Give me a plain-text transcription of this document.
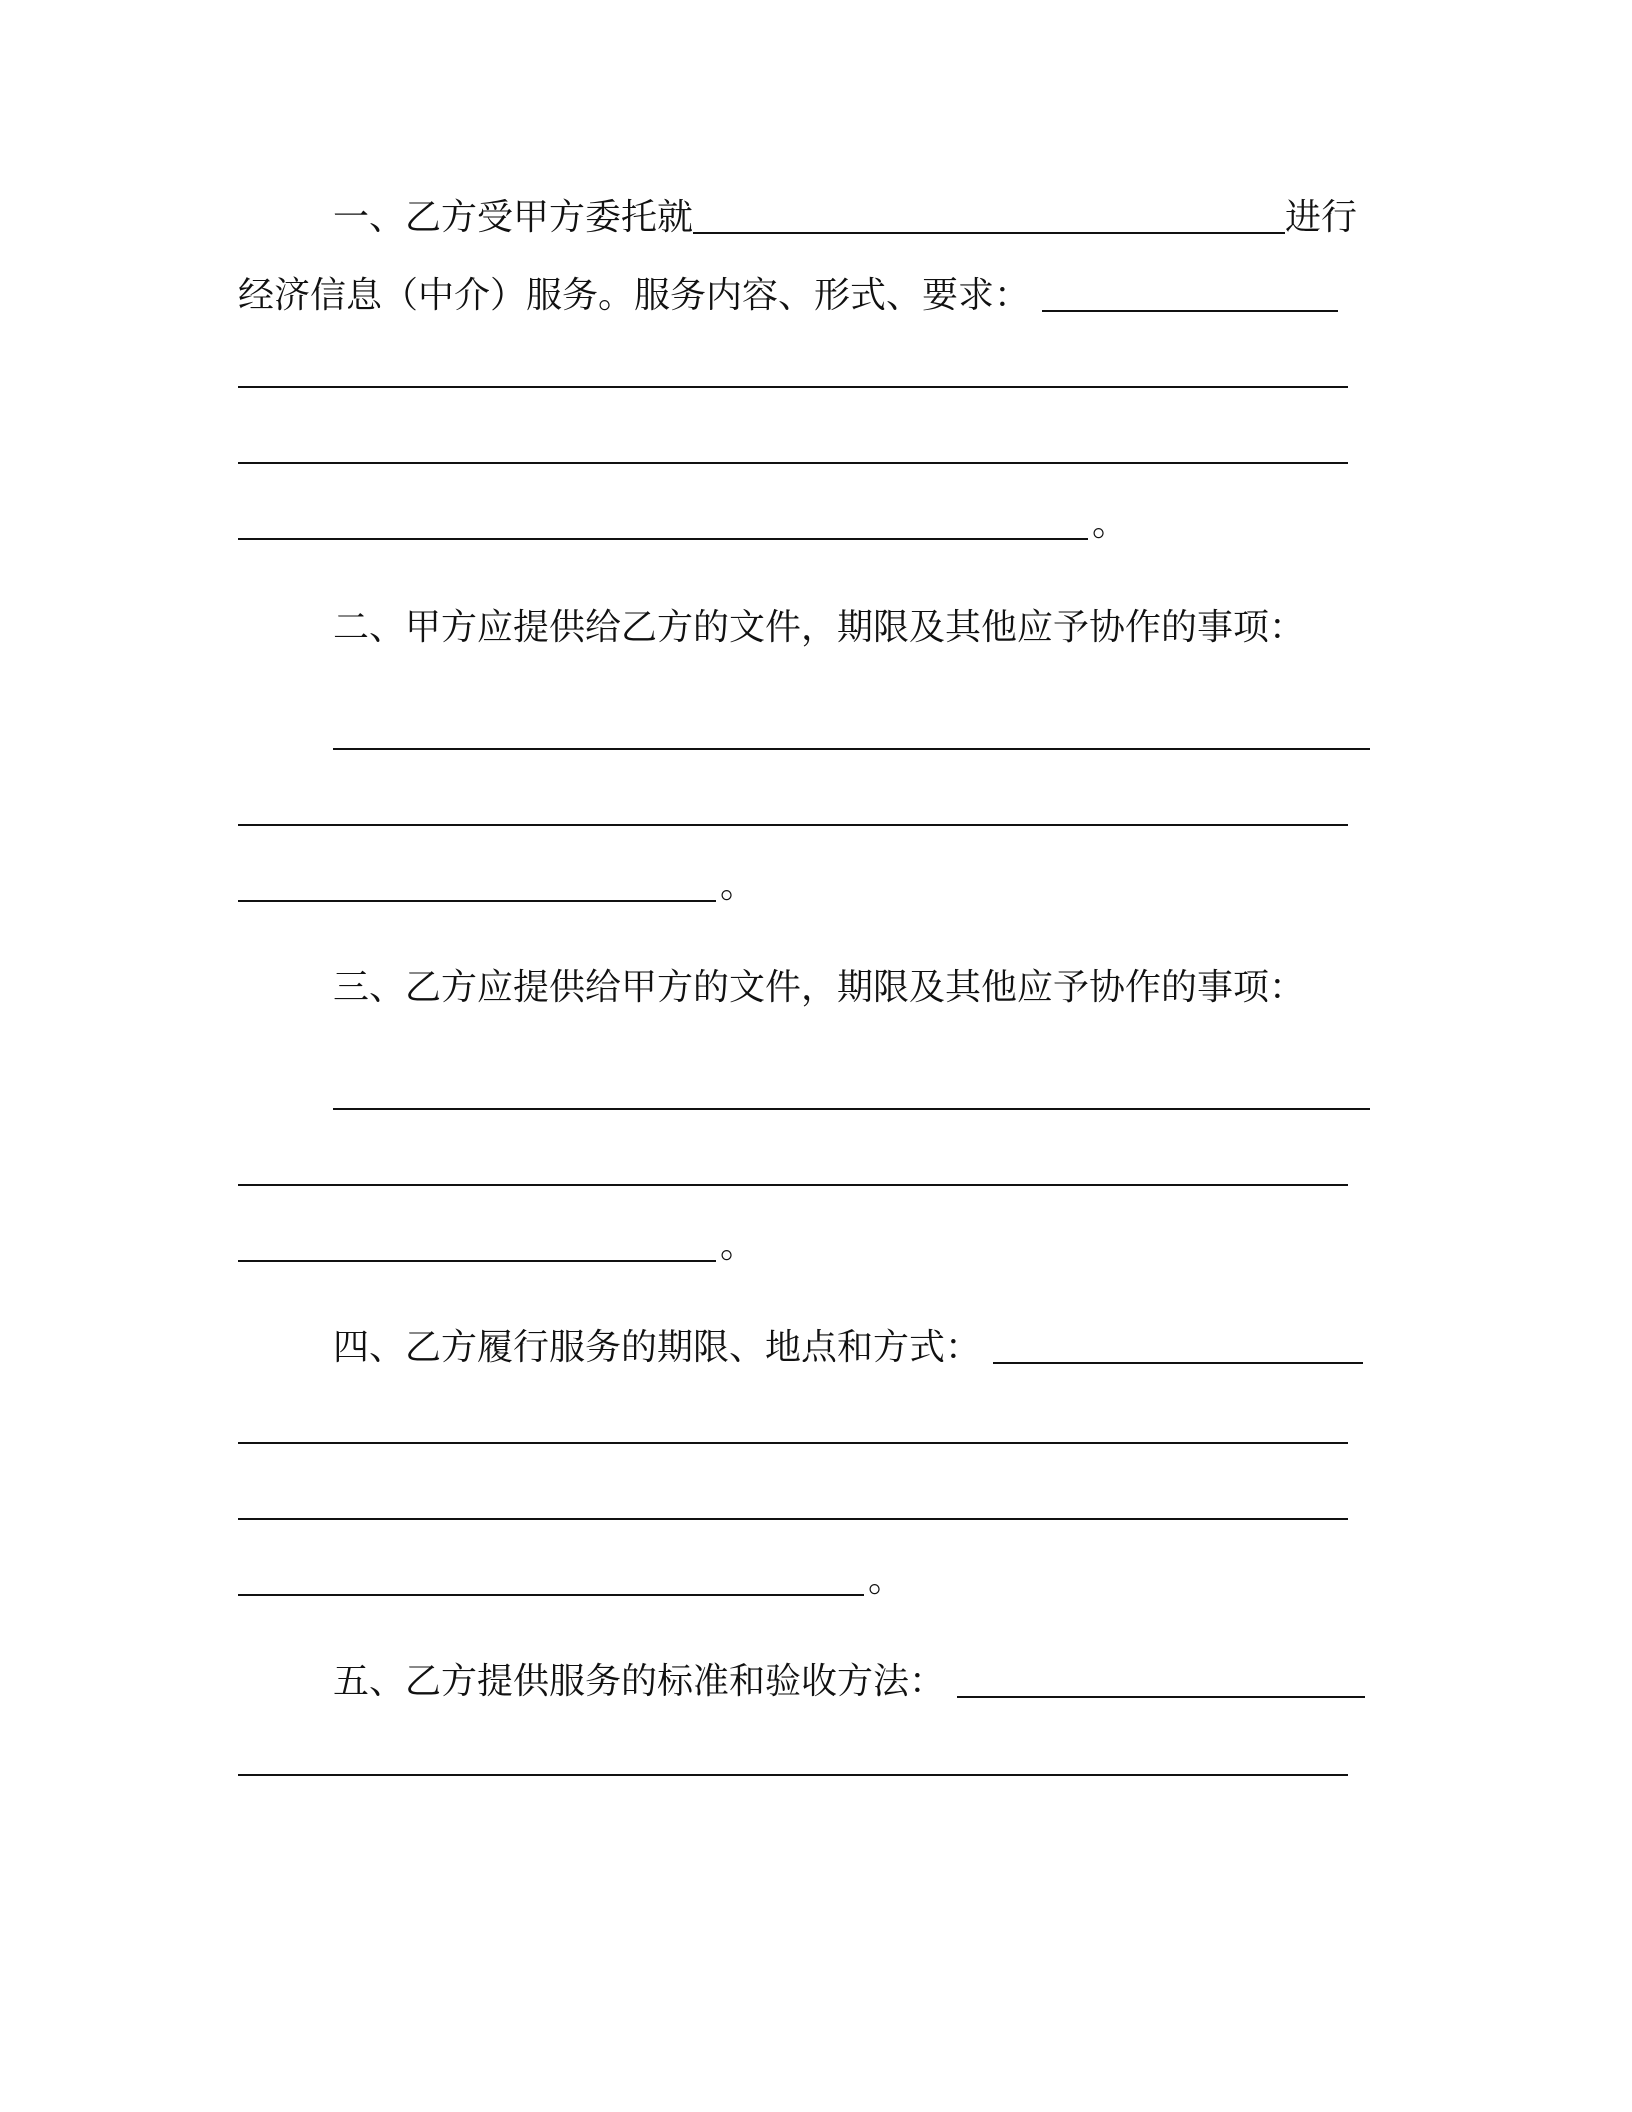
一、乙方受甲方委托就	进行
经济信息（中介）服务。服务内容、形式、要求：
。
二、甲方应提供给乙方的文件，期限及其他应予协作的事项：
。
三、乙方应提供给甲方的文件，期限及其他应予协作的事项：
。
四、乙方履行服务的期限、地点和方式：
。
五、乙方提供服务的标准和验收方法：
